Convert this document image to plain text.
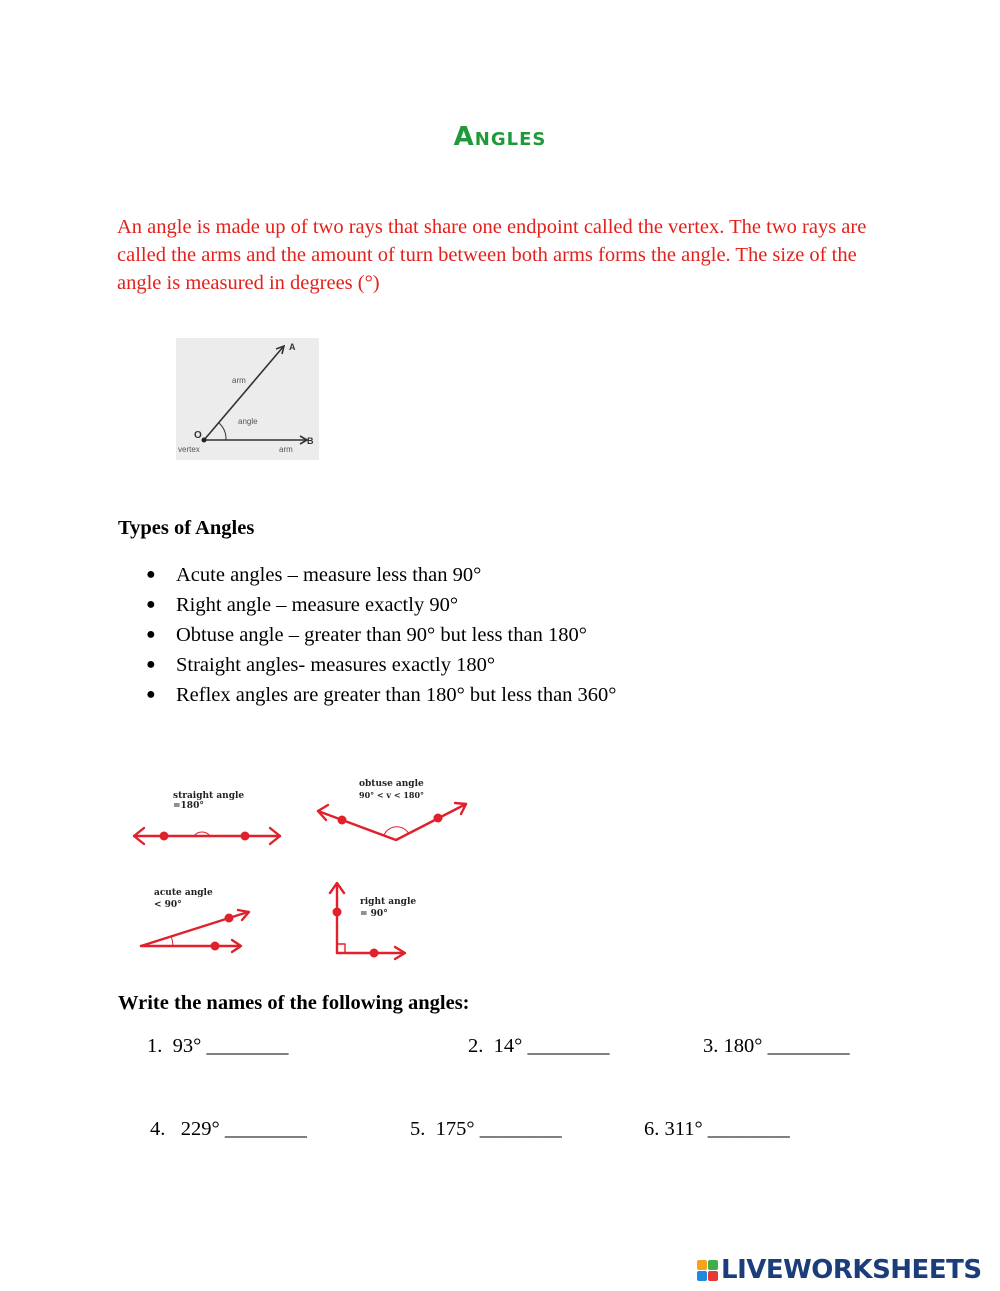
Angles
An angle is made up of two rays that share one endpoint called the vertex. The two rays are called the arms and the amount of turn between both arms forms the angle. The size of the angle is measured in degrees (°)
A
B
O
arm
angle
vertex	arm
Types of Angles
● Acute angles – measure less than 90°
● Right angle – measure exactly 90°
● Obtuse angle – greater than 90° but less than 180°
● Straight angles- measures exactly 180°
● Reflex angles are greater than 180° but less than 360°
straight angle
=180°
obtuse angle
90° < v < 180°
acute angle
< 90°	right angle
= 90°
Write the names of the following angles:
1.  93° ________	2.  14° ________	3. 180° ________
4.   229° ________	5.  175° ________	6. 311° ________
LIVEWORKSHEETS
